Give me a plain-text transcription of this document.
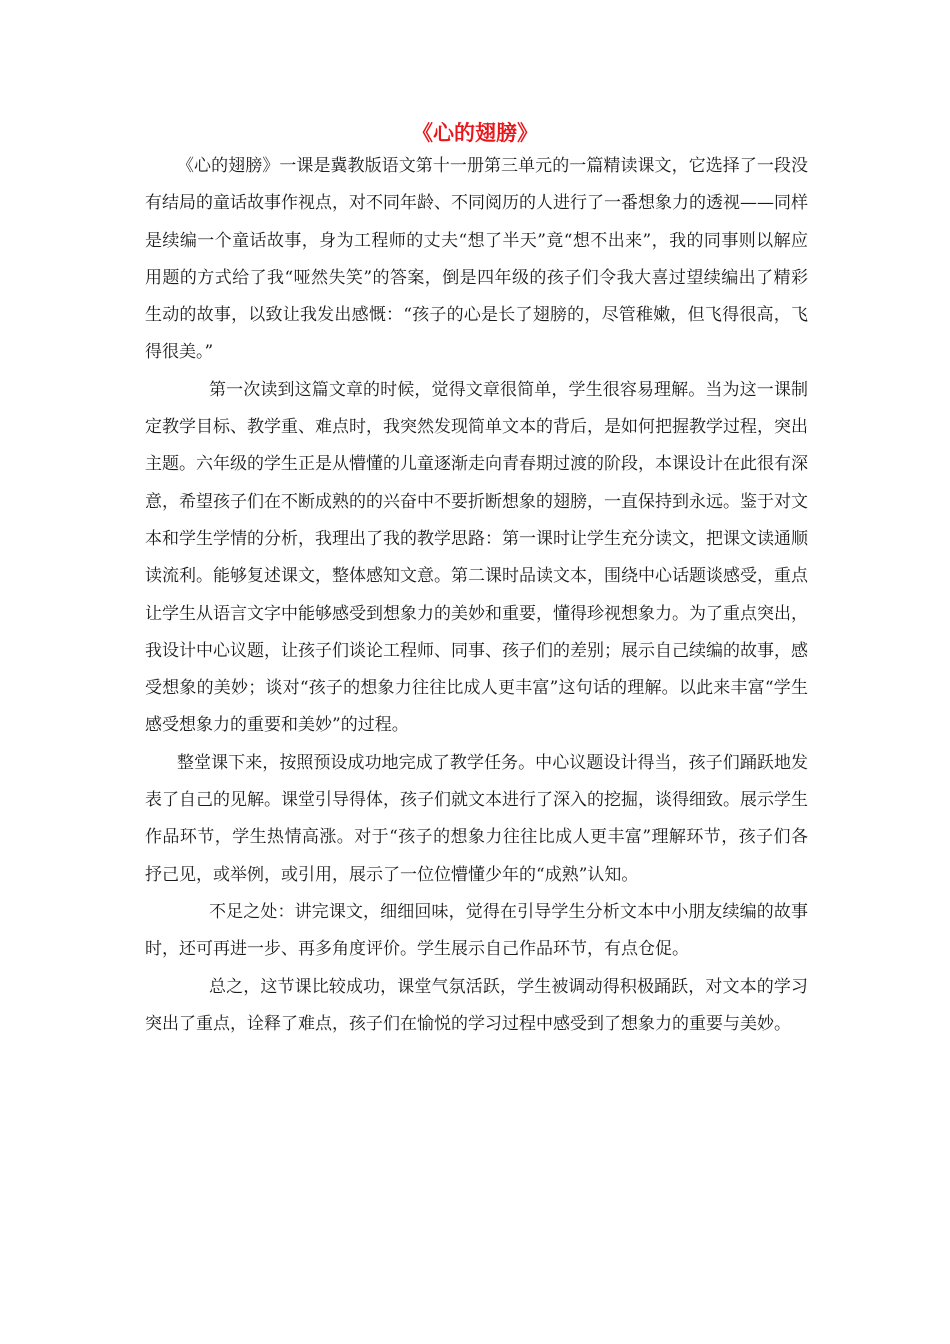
《心的翅膀》

《心的翅膀》一课是冀教版语文第十一册第三单元的一篇精读课文，它选择了一段没有结局的童话故事作视点，对不同年龄、不同阅历的人进行了一番想象力的透视——同样是续编一个童话故事，身为工程师的丈夫“想了半天”竟“想不出来”，我的同事则以解应用题的方式给了我“哑然失笑”的答案，倒是四年级的孩子们令我大喜过望续编出了精彩生动的故事，以致让我发出感慨：“孩子的心是长了翅膀的，尽管稚嫩，但飞得很高，飞得很美。”

第一次读到这篇文章的时候，觉得文章很简单，学生很容易理解。当为这一课制定教学目标、教学重、难点时，我突然发现简单文本的背后，是如何把握教学过程，突出主题。六年级的学生正是从懵懂的儿童逐渐走向青春期过渡的阶段，本课设计在此很有深意，希望孩子们在不断成熟的的兴奋中不要折断想象的翅膀，一直保持到永远。鉴于对文本和学生学情的分析，我理出了我的教学思路：第一课时让学生充分读文，把课文读通顺读流利。能够复述课文，整体感知文意。第二课时品读文本，围绕中心话题谈感受，重点让学生从语言文字中能够感受到想象力的美妙和重要，懂得珍视想象力。为了重点突出，我设计中心议题，让孩子们谈论工程师、同事、孩子们的差别；展示自己续编的故事，感受想象的美妙；谈对“孩子的想象力往往比成人更丰富”这句话的理解。以此来丰富“学生感受想象力的重要和美妙”的过程。

整堂课下来，按照预设成功地完成了教学任务。中心议题设计得当，孩子们踊跃地发表了自己的见解。课堂引导得体，孩子们就文本进行了深入的挖掘，谈得细致。展示学生作品环节，学生热情高涨。对于“孩子的想象力往往比成人更丰富”理解环节，孩子们各抒己见，或举例，或引用，展示了一位位懵懂少年的“成熟”认知。

不足之处：讲完课文，细细回味，觉得在引导学生分析文本中小朋友续编的故事时，还可再进一步、再多角度评价。学生展示自己作品环节，有点仓促。

总之，这节课比较成功，课堂气氛活跃，学生被调动得积极踊跃，对文本的学习突出了重点，诠释了难点，孩子们在愉悦的学习过程中感受到了想象力的重要与美妙。
